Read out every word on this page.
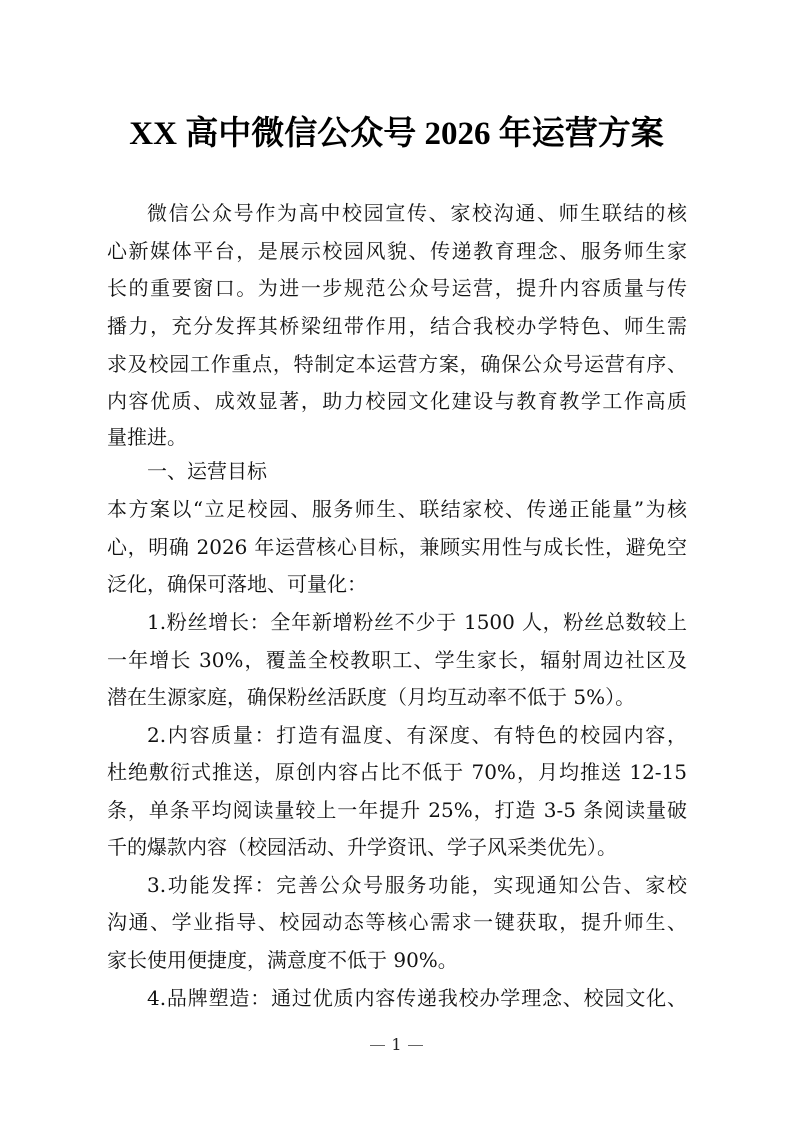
XX 高中微信公众号 2026 年运营方案
微信公众号作为高中校园宣传、家校沟通、师生联结的核
心新媒体平台，是展示校园风貌、传递教育理念、服务师生家
长的重要窗口。为进一步规范公众号运营，提升内容质量与传
播力，充分发挥其桥梁纽带作用，结合我校办学特色、师生需
求及校园工作重点，特制定本运营方案，确保公众号运营有序、
内容优质、成效显著，助力校园文化建设与教育教学工作高质
量推进。
一、运营目标
本方案以“立足校园、服务师生、联结家校、传递正能量”为核
心，明确 2026 年运营核心目标，兼顾实用性与成长性，避免空
泛化，确保可落地、可量化：
1.粉丝增长：全年新增粉丝不少于 1500 人，粉丝总数较上
一年增长 30%，覆盖全校教职工、学生家长，辐射周边社区及
潜在生源家庭，确保粉丝活跃度（月均互动率不低于 5%）。
2.内容质量：打造有温度、有深度、有特色的校园内容，
杜绝敷衍式推送，原创内容占比不低于 70%，月均推送 12-15
条，单条平均阅读量较上一年提升 25%，打造 3-5 条阅读量破
千的爆款内容（校园活动、升学资讯、学子风采类优先）。
3.功能发挥：完善公众号服务功能，实现通知公告、家校
沟通、学业指导、校园动态等核心需求一键获取，提升师生、
家长使用便捷度，满意度不低于 90%。
4.品牌塑造：通过优质内容传递我校办学理念、校园文化、
1
